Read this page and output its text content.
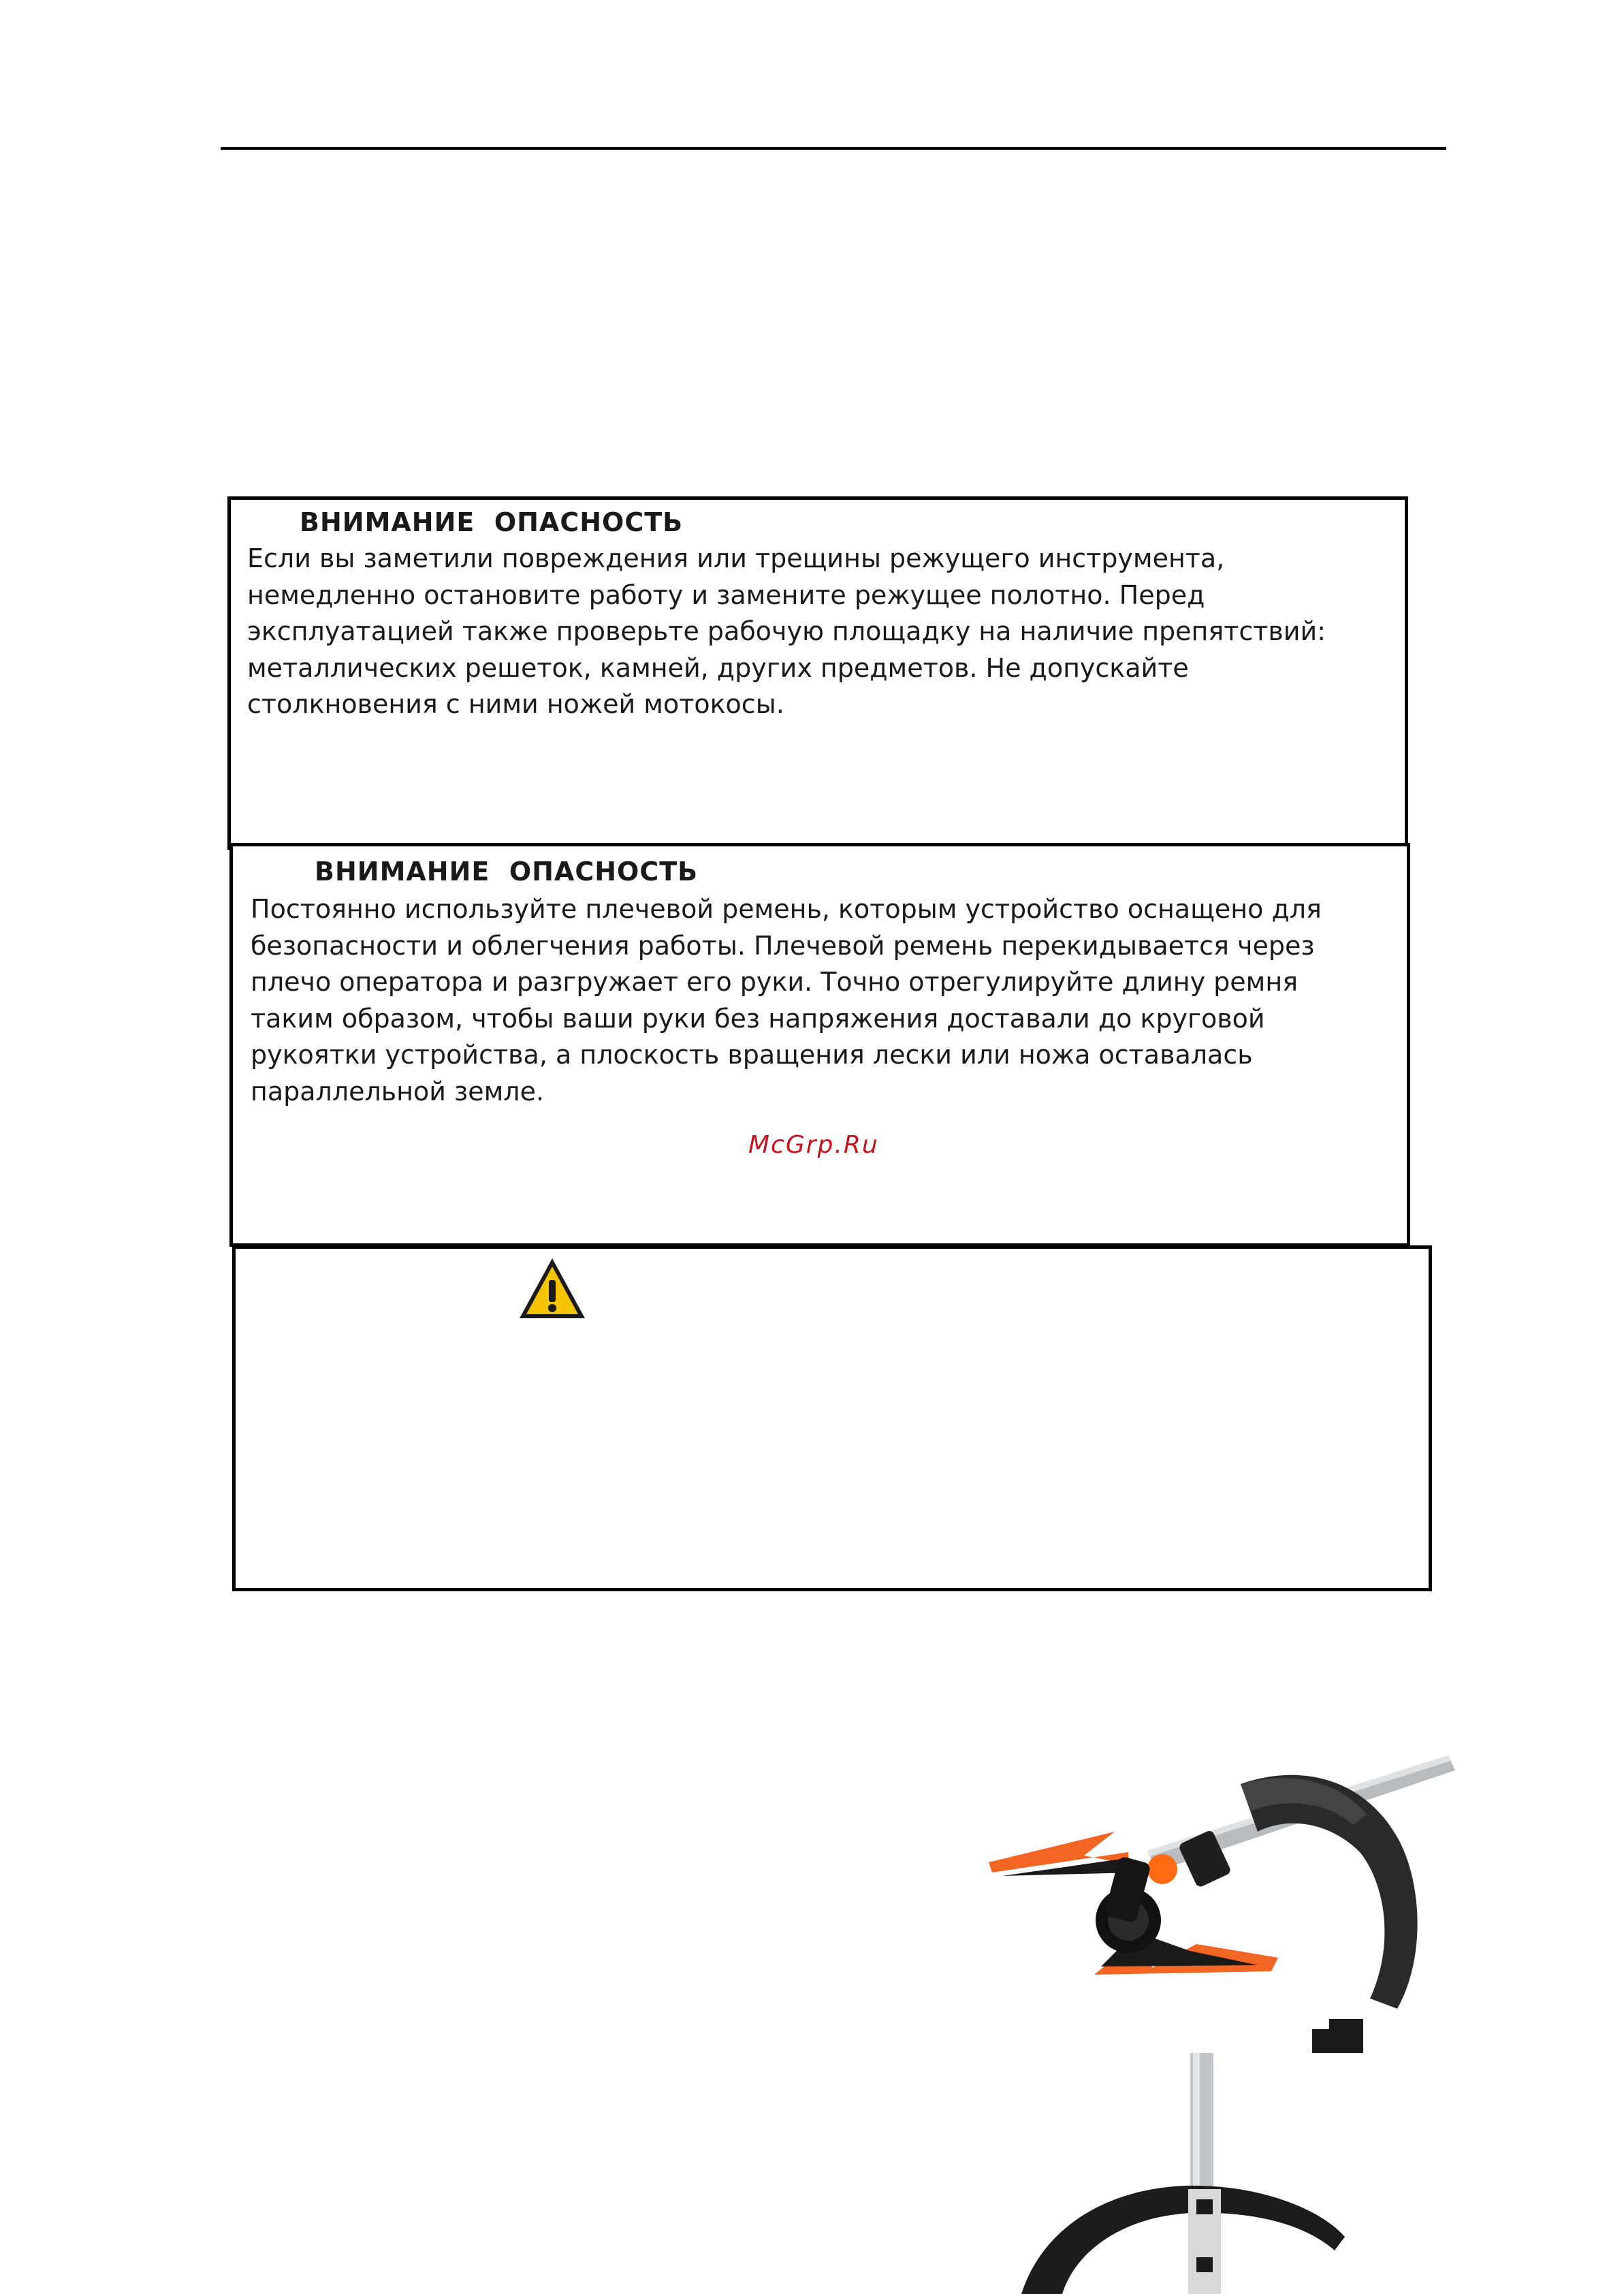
ВНИМАНИЕ  ОПАСНОСТЬ
Если вы заметили повреждения или трещины режущего инструмента,
немедленно остановите работу и замените режущее полотно. Перед
эксплуатацией также проверьте рабочую площадку на наличие препятствий:
металлических решеток, камней, других предметов. Не допускайте
столкновения с ними ножей мотокосы.
ВНИМАНИЕ  ОПАСНОСТЬ
Постоянно используйте плечевой ремень, которым устройство оснащено для
безопасности и облегчения работы. Плечевой ремень перекидывается через
плечо оператора и разгружает его руки. Точно отрегулируйте длину ремня
таким образом, чтобы ваши руки без напряжения доставали до круговой
рукоятки устройства, а плоскость вращения лески или ножа оставалась
параллельной земле.
McGrp.Ru
